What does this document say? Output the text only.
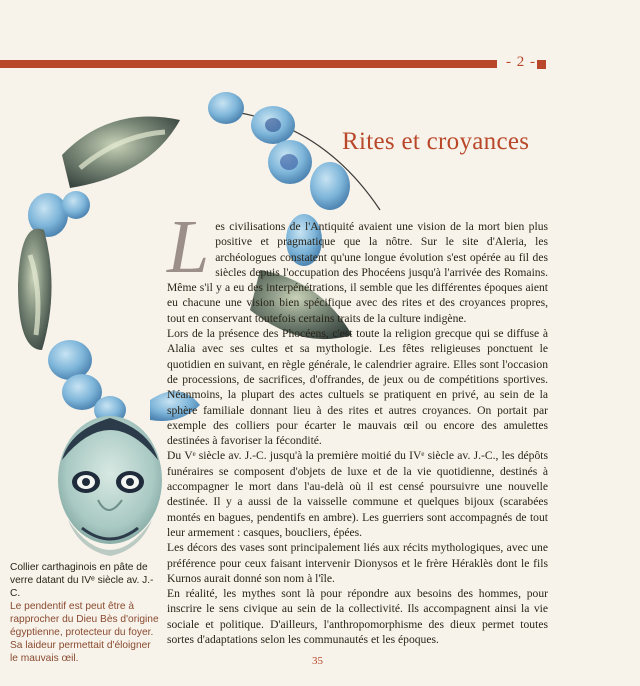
- 2 -
Rites et croyances

Les civilisations de l'Antiquité avaient une vision de la mort bien plus positive et pragmatique que la nôtre. Sur le site d'Aleria, les archéologues constatent qu'une longue évolution s'est opérée au fil des siècles depuis l'occupation des Phocéens jusqu'à l'arrivée des Romains. Même s'il y a eu des interpénétrations, il semble que les différentes époques aient eu chacune une vision bien spécifique avec des rites et des croyances propres, tout en conservant toutefois certains traits de la culture indigène.

Lors de la présence des Phocéens, c'est toute la religion grecque qui se diffuse à Alalia avec ses cultes et sa mythologie. Les fêtes religieuses ponctuent le quotidien en suivant, en règle générale, le calendrier agraire. Elles sont l'occasion de processions, de sacrifices, d'offrandes, de jeux ou de compétitions sportives. Néanmoins, la plupart des actes cultuels se pratiquent en privé, au sein de la sphère familiale donnant lieu à des rites et autres croyances. On portait par exemple des colliers pour écarter le mauvais œil ou encore des amulettes destinées à favoriser la fécondité.

Du Vᵉ siècle av. J.-C. jusqu'à la première moitié du IVᵉ siècle av. J.-C., les dépôts funéraires se composent d'objets de luxe et de la vie quotidienne, destinés à accompagner le mort dans l'au-delà où il est censé poursuivre une nouvelle destinée. Il y a aussi de la vaisselle commune et quelques bijoux (scarabées montés en bagues, pendentifs en ambre). Les guerriers sont accompagnés de tout leur armement : casques, boucliers, épées.

Les décors des vases sont principalement liés aux récits mythologiques, avec une préférence pour ceux faisant intervenir Dionysos et le frère Héraklès dont le fils Kurnos aurait donné son nom à l'île.

En réalité, les mythes sont là pour répondre aux besoins des hommes, pour inscrire le sens civique au sein de la collectivité. Ils accompagnent ainsi la vie sociale et politique. D'ailleurs, l'anthropomorphisme des dieux permet toutes sortes d'adaptations selon les communautés et les époques.

Collier carthaginois en pâte de verre datant du IVᵉ siècle av. J.-C.
Le pendentif est peut être à rapprocher du Dieu Bès d'origine égyptienne, protecteur du foyer. Sa laideur permettait d'éloigner le mauvais œil.	35
